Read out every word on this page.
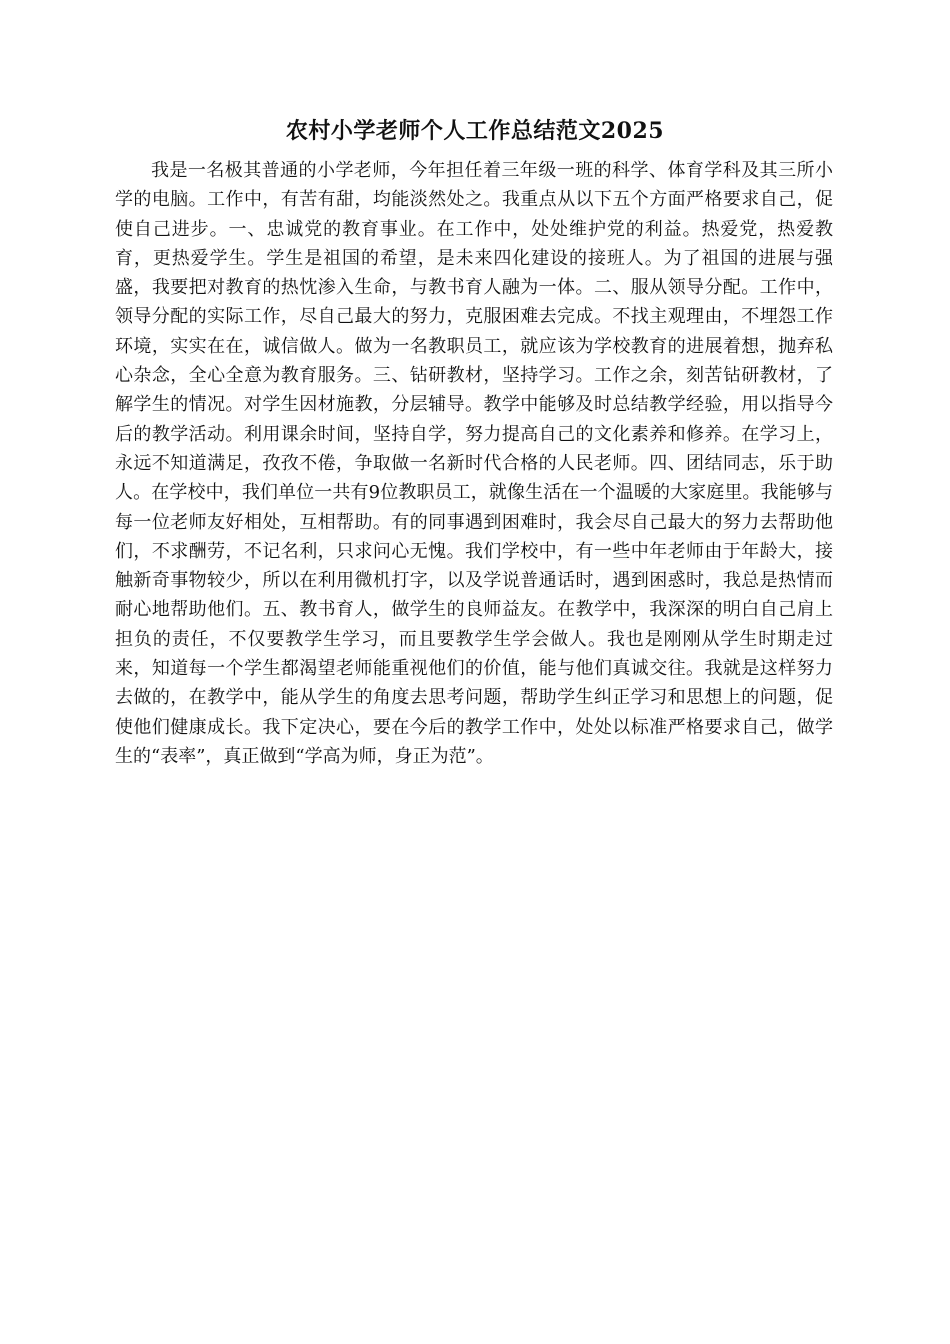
农村小学老师个人工作总结范文2025

我是一名极其普通的小学老师，今年担任着三年级一班的科学、体育学科及其三所小学的电脑。工作中，有苦有甜，均能淡然处之。我重点从以下五个方面严格要求自己，促使自己进步。一、忠诚党的教育事业。在工作中，处处维护党的利益。热爱党，热爱教育，更热爱学生。学生是祖国的希望，是未来四化建设的接班人。为了祖国的进展与强盛，我要把对教育的热忱渗入生命，与教书育人融为一体。二、服从领导分配。工作中，领导分配的实际工作，尽自己最大的努力，克服困难去完成。不找主观理由，不埋怨工作环境，实实在在，诚信做人。做为一名教职员工，就应该为学校教育的进展着想，抛弃私心杂念，全心全意为教育服务。三、钻研教材，坚持学习。工作之余，刻苦钻研教材，了解学生的情况。对学生因材施教，分层辅导。教学中能够及时总结教学经验，用以指导今后的教学活动。利用课余时间，坚持自学，努力提高自己的文化素养和修养。在学习上，永远不知道满足，孜孜不倦，争取做一名新时代合格的人民老师。四、团结同志，乐于助人。在学校中，我们单位一共有9位教职员工，就像生活在一个温暖的大家庭里。我能够与每一位老师友好相处，互相帮助。有的同事遇到困难时，我会尽自己最大的努力去帮助他们，不求酬劳，不记名利，只求问心无愧。我们学校中，有一些中年老师由于年龄大，接触新奇事物较少，所以在利用微机打字，以及学说普通话时，遇到困惑时，我总是热情而耐心地帮助他们。五、教书育人，做学生的良师益友。在教学中，我深深的明白自己肩上担负的责任，不仅要教学生学习，而且要教学生学会做人。我也是刚刚从学生时期走过来，知道每一个学生都渴望老师能重视他们的价值，能与他们真诚交往。我就是这样努力去做的，在教学中，能从学生的角度去思考问题，帮助学生纠正学习和思想上的问题，促使他们健康成长。我下定决心，要在今后的教学工作中，处处以标准严格要求自己，做学生的“表率”，真正做到“学高为师，身正为范”。
